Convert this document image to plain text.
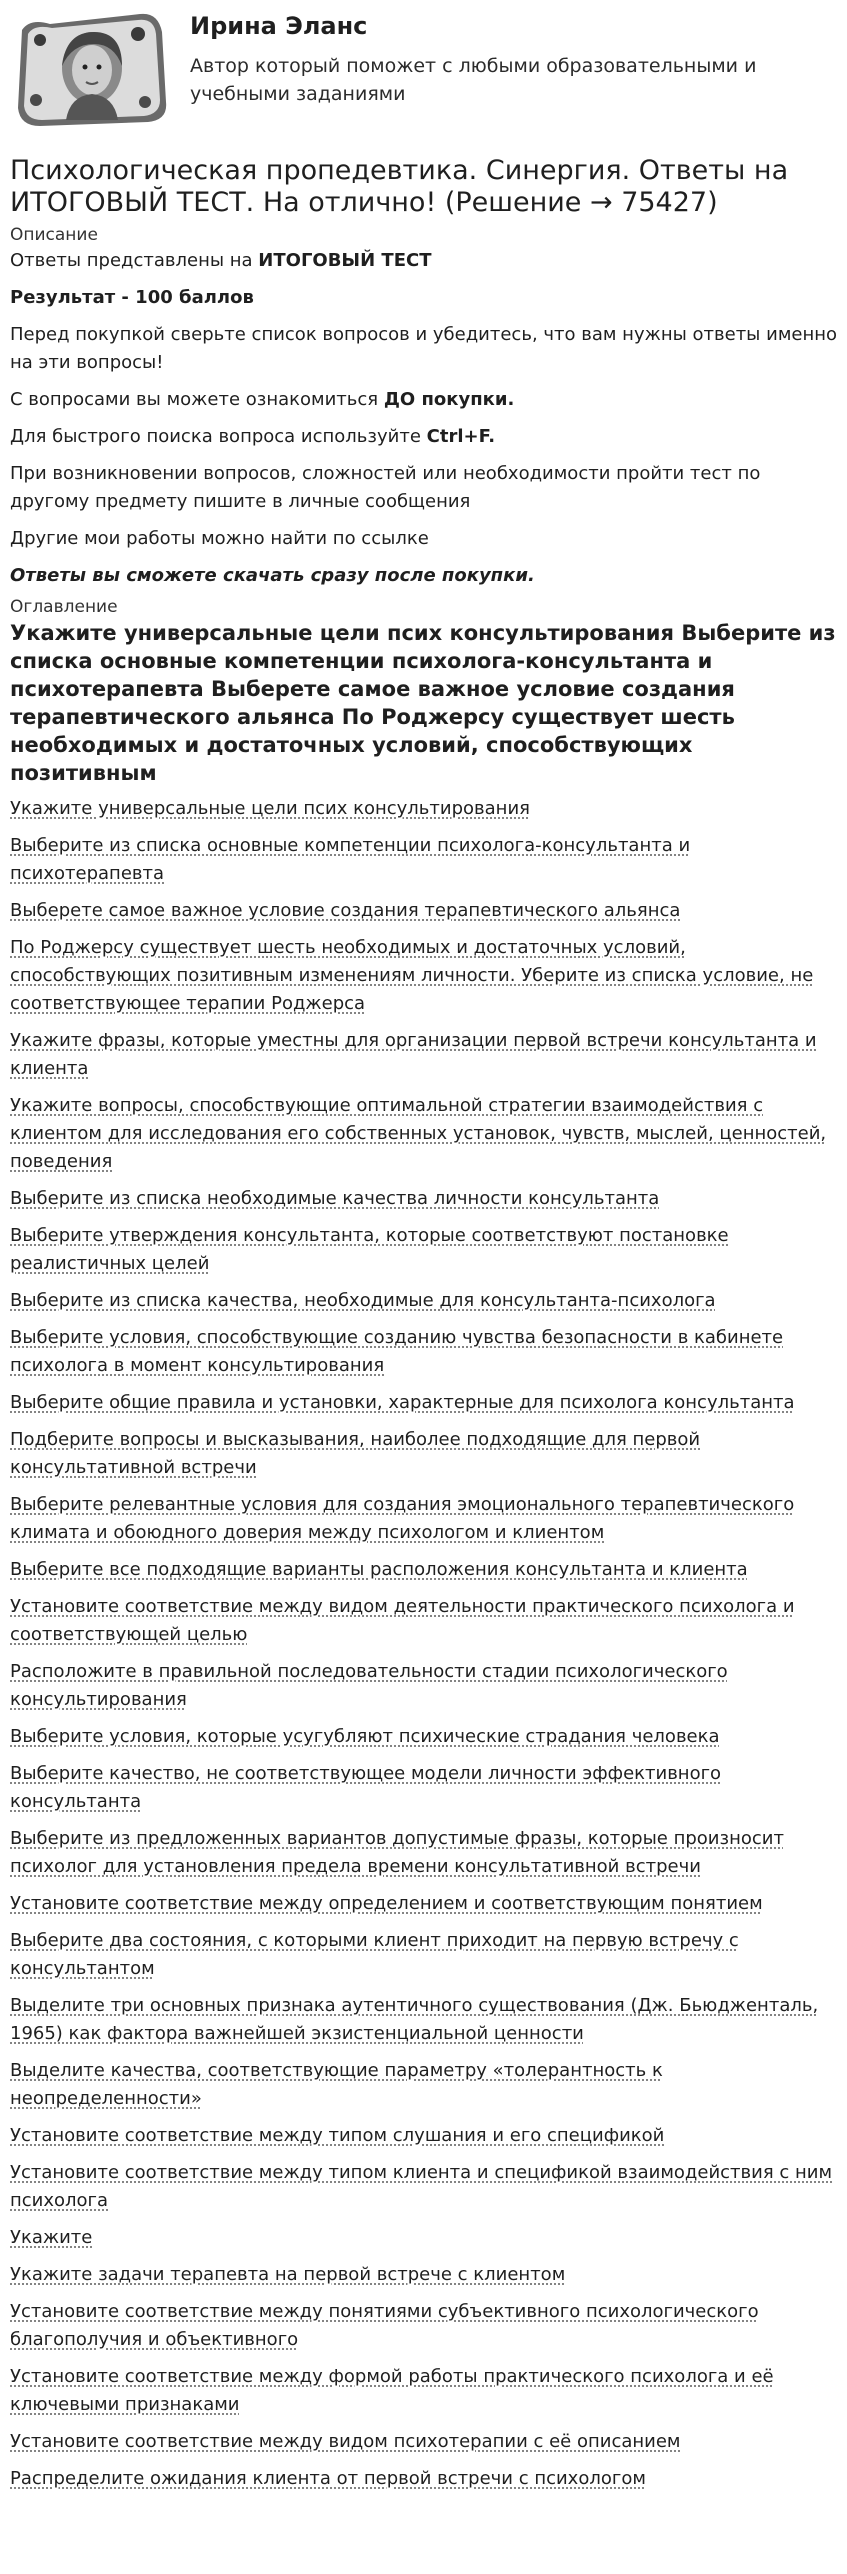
Ирина Эланс

Автор который поможет с любыми образовательными и учебными заданиями

Психологическая пропедевтика. Синергия. Ответы на ИТОГОВЫЙ ТЕСТ. На отлично! (Решение → 75427)

Описание

Ответы представлены на ИТОГОВЫЙ ТЕСТ

Результат - 100 баллов

Перед покупкой сверьте список вопросов и убедитесь, что вам нужны ответы именно на эти вопросы!

С вопросами вы можете ознакомиться ДО покупки.

Для быстрого поиска вопроса используйте Ctrl+F.

При возникновении вопросов, сложностей или необходимости пройти тест по другому предмету пишите в личные сообщения

Другие мои работы можно найти по ссылке

Ответы вы сможете скачать сразу после покупки.

Оглавление

Укажите универсальные цели псих консультирования Выберите из списка основные компетенции психолога-консультанта и психотерапевта Выберете самое важное условие создания терапевтического альянса По Роджерсу существует шесть необходимых и достаточных условий, способствующих позитивным

Укажите универсальные цели псих консультирования

Выберите из списка основные компетенции психолога-консультанта и психотерапевта

Выберете самое важное условие создания терапевтического альянса

По Роджерсу существует шесть необходимых и достаточных условий, способствующих позитивным изменениям личности. Уберите из списка условие, не соответствующее терапии Роджерса

Укажите фразы, которые уместны для организации первой встречи консультанта и клиента

Укажите вопросы, способствующие оптимальной стратегии взаимодействия с клиентом для исследования его собственных установок, чувств, мыслей, ценностей, поведения

Выберите из списка необходимые качества личности консультанта

Выберите утверждения консультанта, которые соответствуют постановке реалистичных целей

Выберите из списка качества, необходимые для консультанта-психолога

Выберите условия, способствующие созданию чувства безопасности в кабинете психолога в момент консультирования

Выберите общие правила и установки, характерные для психолога консультанта

Подберите вопросы и высказывания, наиболее подходящие для первой консультативной встречи

Выберите релевантные условия для создания эмоционального терапевтического климата и обоюдного доверия между психологом и клиентом

Выберите все подходящие варианты расположения консультанта и клиента

Установите соответствие между видом деятельности практического психолога и соответствующей целью

Расположите в правильной последовательности стадии психологического консультирования

Выберите условия, которые усугубляют психические страдания человека

Выберите качество, не соответствующее модели личности эффективного консультанта

Выберите из предложенных вариантов допустимые фразы, которые произносит психолог для установления предела времени консультативной встречи

Установите соответствие между определением и соответствующим понятием

Выберите два состояния, с которыми клиент приходит на первую встречу с консультантом

Выделите три основных признака аутентичного существования (Дж. Бьюдженталь, 1965) как фактора важнейшей экзистенциальной ценности

Выделите качества, соответствующие параметру «толерантность к неопределенности»

Установите соответствие между типом слушания и его спецификой

Установите соответствие между типом клиента и спецификой взаимодействия с ним психолога

Укажите

Укажите задачи терапевта на первой встрече с клиентом

Установите соответствие между понятиями субъективного психологического благополучия и объективного

Установите соответствие между формой работы практического психолога и её ключевыми признаками

Установите соответствие между видом психотерапии с её описанием

Распределите ожидания клиента от первой встречи с психологом
